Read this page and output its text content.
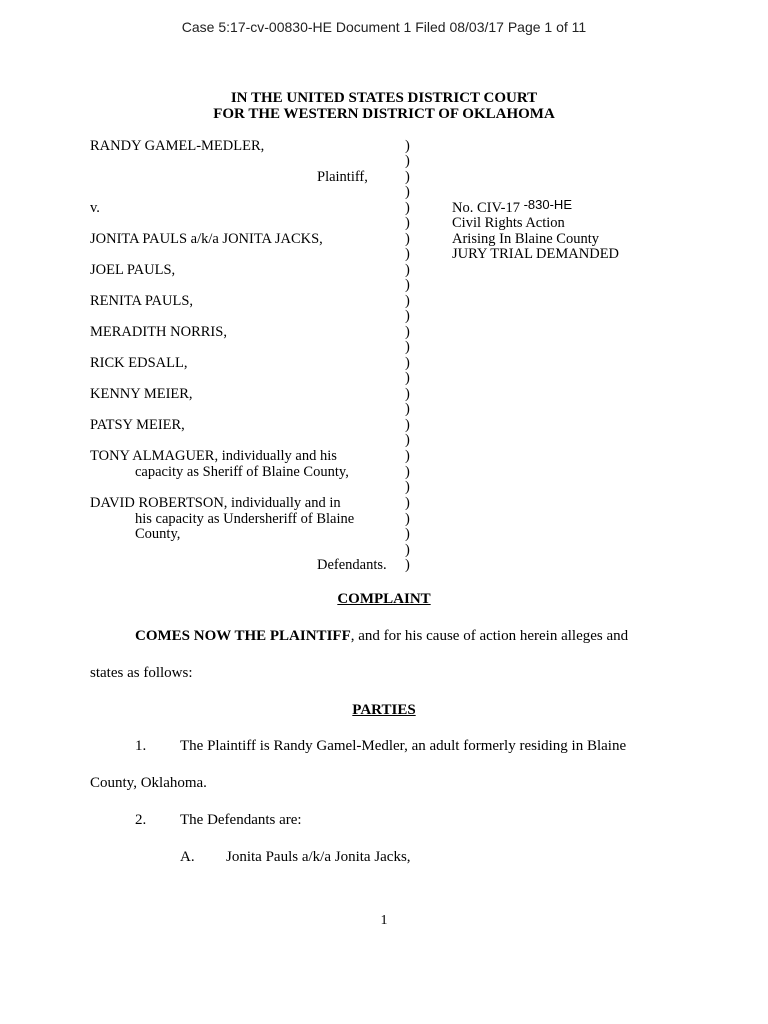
Case 5:17-cv-00830-HE Document 1 Filed 08/03/17 Page 1 of 11
IN THE UNITED STATES DISTRICT COURT
FOR THE WESTERN DISTRICT OF OKLAHOMA
RANDY GAMEL-MEDLER,
Plaintiff,
v.
JONITA PAULS a/k/a JONITA JACKS,
JOEL PAULS,
RENITA PAULS,
MERADITH NORRIS,
RICK EDSALL,
KENNY MEIER,
PATSY MEIER,
TONY ALMAGUER, individually and his
capacity as Sheriff of Blaine County,
DAVID ROBERTSON, individually and in
his capacity as Undersheriff of Blaine
County,
Defendants.
)
)
)
)
)
)
)
)
)
)
)
)
)
)
)
)
)
)
)
)
)
)
)
)
)
)
)
)
No. CIV-17 -830-HE
Civil Rights Action
Arising In Blaine County
JURY TRIAL DEMANDED
COMPLAINT
COMES NOW THE PLAINTIFF, and for his cause of action herein alleges and
states as follows:
PARTIES
1. The Plaintiff is Randy Gamel-Medler, an adult formerly residing in Blaine
County, Oklahoma.
2. The Defendants are:
A. Jonita Pauls a/k/a Jonita Jacks,
1
